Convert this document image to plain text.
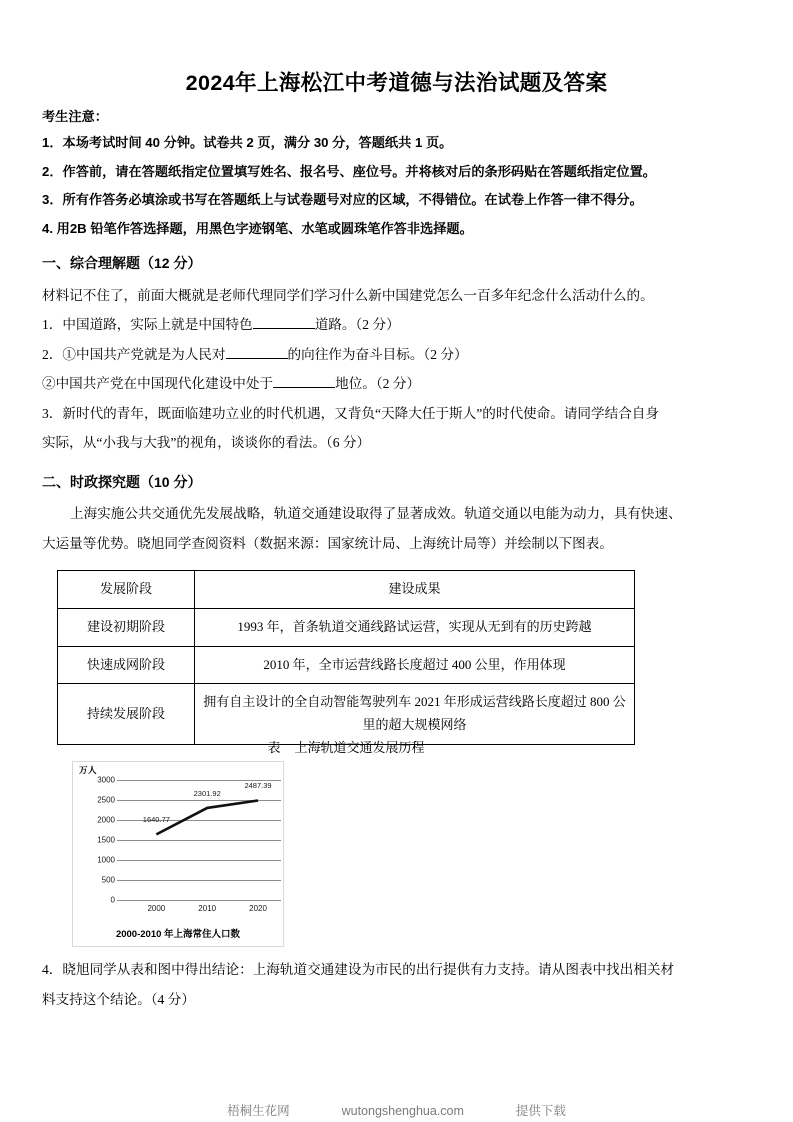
2024年上海松江中考道德与法治试题及答案

考生注意：

1．本场考试时间 40 分钟。试卷共 2 页，满分 30 分，答题纸共 1 页。

2．作答前，请在答题纸指定位置填写姓名、报名号、座位号。并将核对后的条形码贴在答题纸指定位置。

3．所有作答务必填涂或书写在答题纸上与试卷题号对应的区域，不得错位。在试卷上作答一律不得分。

4. 用2B 铅笔作答选择题，用黑色字迹钢笔、水笔或圆珠笔作答非选择题。

一、综合理解题（12 分）

材料记不住了，前面大概就是老师代理同学们学习什么新中国建党怎么一百多年纪念什么活动什么的。

1．中国道路，实际上就是中国特色	道路。（2 分）

2．①中国共产党就是为人民对	的向往作为奋斗目标。（2 分）

②中国共产党在中国现代化建设中处于	地位。（2 分）

3．新时代的青年，既面临建功立业的时代机遇，又背负“天降大任于斯人”的时代使命。请同学结合自身

实际，从“小我与大我”的视角，谈谈你的看法。（6 分）

二、时政探究题（10 分）

上海实施公共交通优先发展战略，轨道交通建设取得了显著成效。轨道交通以电能为动力，具有快速、

大运量等优势。晓旭同学查阅资料（数据来源：国家统计局、上海统计局等）并绘制以下图表。

发展阶段	建设成果
建设初期阶段	1993 年，首条轨道交通线路试运营，实现从无到有的历史跨越
快速成网阶段	2010 年，全市运营线路长度超过 400 公里，作用体现
持续发展阶段	拥有自主设计的全自动智能驾驶列车 2021 年形成运营线路长度超过 800 公里的超大规模网络
表 上海轨道交通发展历程
万人
3000
2500
2000
1500
1000
500
0
1640.77
2301.92
2487.39
2000	2010	2020
2000-2010 年上海常住人口数

4．晓旭同学从表和图中得出结论：上海轨道交通建设为市民的出行提供有力支持。请从图表中找出相关材

料支持这个结论。（4 分）

梧桐生花网	wutongshenghua.com	提供下载
